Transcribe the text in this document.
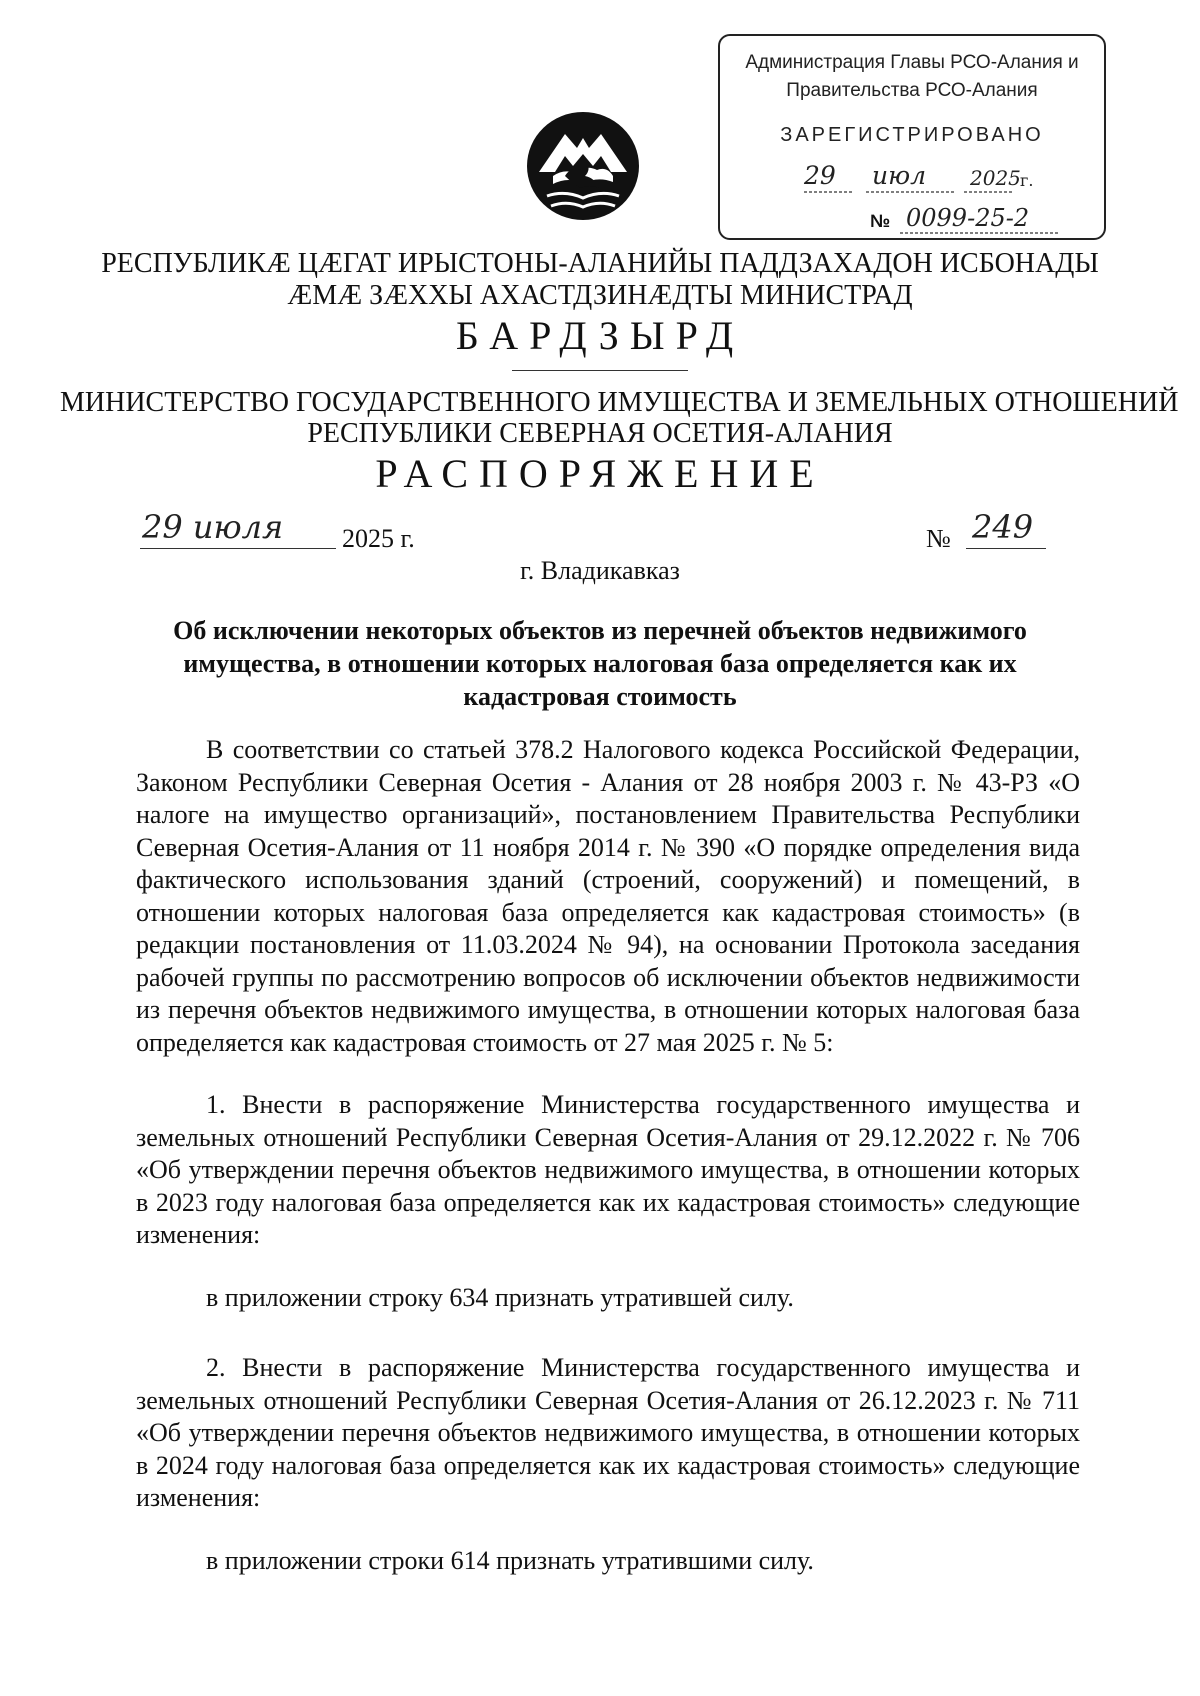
Администрация Главы РСО-Алания и
Правительства РСО-Алания
ЗАРЕГИСТРИРОВАНО
29 июл 2025 г.
№ 0099-25-2
РЕСПУБЛИКӔ ЦӔГАТ ИРЫСТОНЫ-АЛАНИЙЫ ПАДДЗАХАДОН ИСБОНАДЫ
ӔМӔ ЗӔХХЫ АХАСТДЗИНӔДТЫ МИНИСТРАД
БАРДЗЫРД
МИНИСТЕРСТВО ГОСУДАРСТВЕННОГО ИМУЩЕСТВА И ЗЕМЕЛЬНЫХ ОТНОШЕНИЙ
РЕСПУБЛИКИ СЕВЕРНАЯ ОСЕТИЯ-АЛАНИЯ
РАСПОРЯЖЕНИЕ
29 июля 2025 г.	№ 249
г. Владикавказ
Об исключении некоторых объектов из перечней объектов недвижимого имущества, в отношении которых налоговая база определяется как их кадастровая стоимость

В соответствии со статьей 378.2 Налогового кодекса Российской Федерации, Законом Республики Северная Осетия - Алания от 28 ноября 2003 г. № 43-РЗ «О налоге на имущество организаций», постановлением Правительства Республики Северная Осетия-Алания от 11 ноября 2014 г. № 390 «О порядке определения вида фактического использования зданий (строений, сооружений) и помещений, в отношении которых налоговая база определяется как кадастровая стоимость» (в редакции постановления от 11.03.2024 № 94), на основании Протокола заседания рабочей группы по рассмотрению вопросов об исключении объектов недвижимости из перечня объектов недвижимого имущества, в отношении которых налоговая база определяется как кадастровая стоимость от 27 мая 2025 г. № 5:

1. Внести в распоряжение Министерства государственного имущества и земельных отношений Республики Северная Осетия-Алания от 29.12.2022 г. № 706 «Об утверждении перечня объектов недвижимого имущества, в отношении которых в 2023 году налоговая база определяется как их кадастровая стоимость» следующие изменения:

в приложении строку 634 признать утратившей силу.

2. Внести в распоряжение Министерства государственного имущества и земельных отношений Республики Северная Осетия-Алания от 26.12.2023 г. № 711 «Об утверждении перечня объектов недвижимого имущества, в отношении которых в 2024 году налоговая база определяется как их кадастровая стоимость» следующие изменения:

в приложении строки 614 признать утратившими силу.
